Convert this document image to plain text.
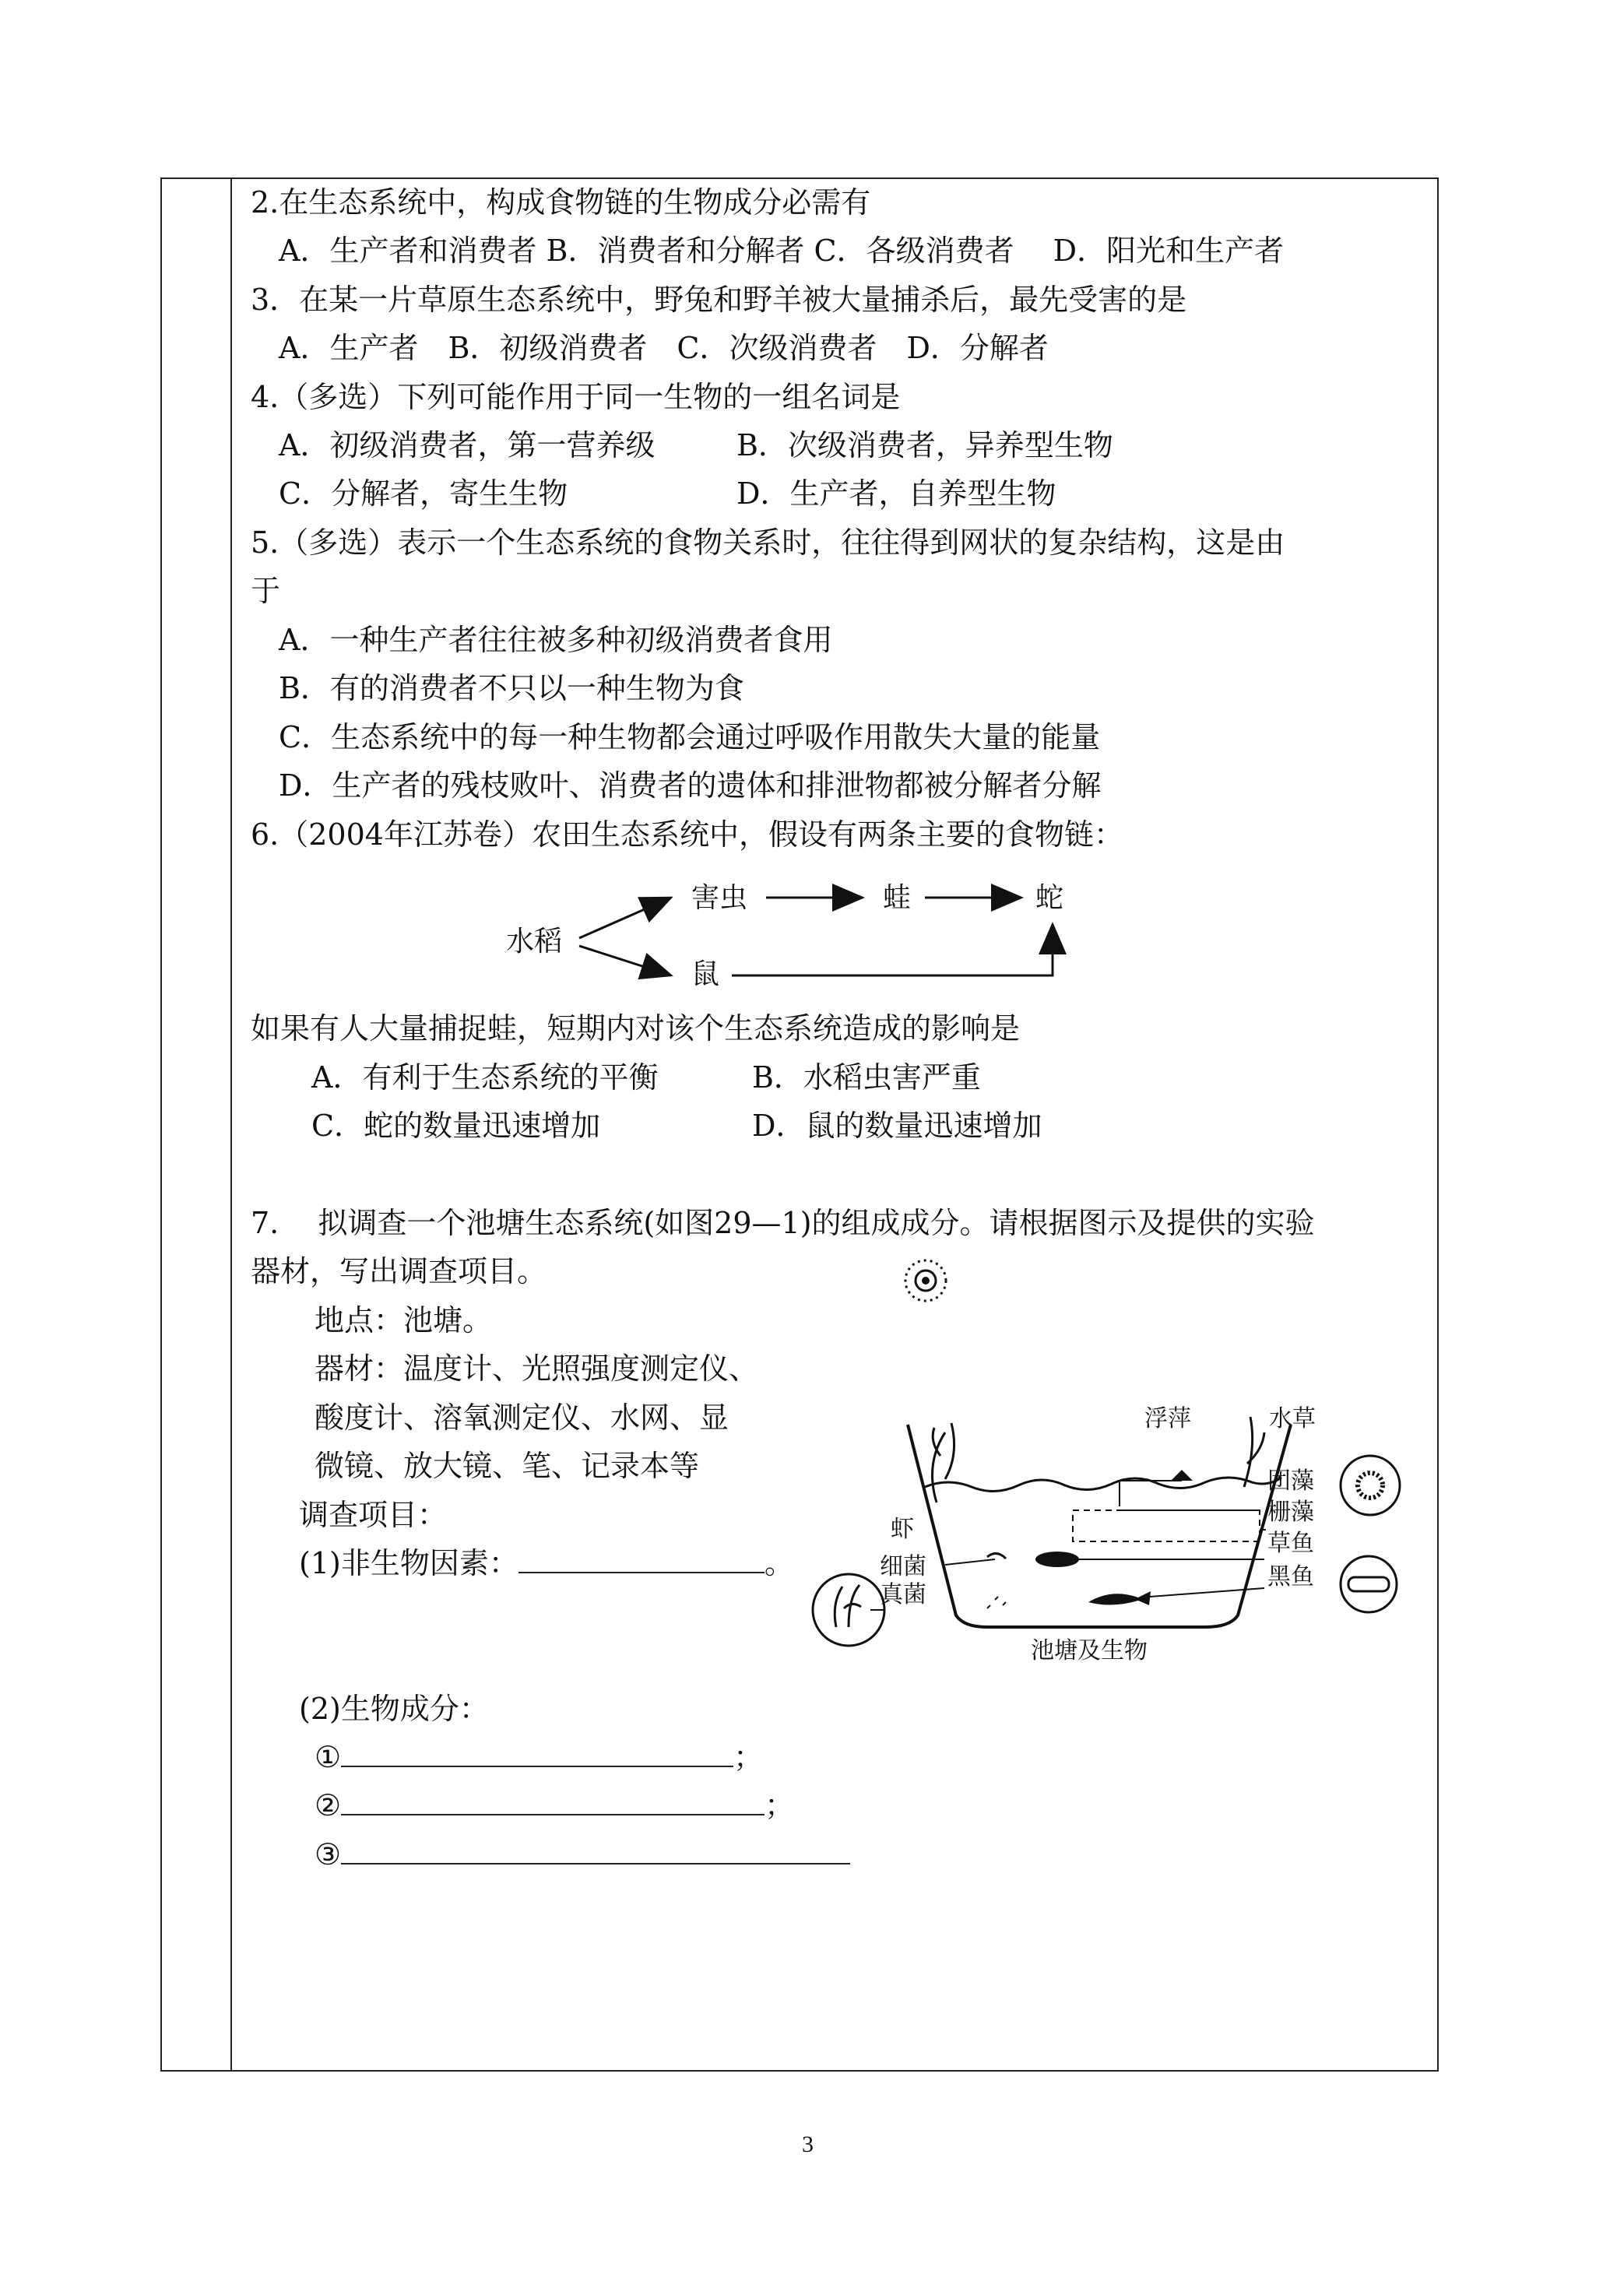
2.在生态系统中，构成食物链的生物成分必需有
A．生产者和消费者 B．消费者和分解者 C．各级消费者　 D．阳光和生产者
3．在某一片草原生态系统中，野兔和野羊被大量捕杀后，最先受害的是
A．生产者　B．初级消费者　C．次级消费者　D．分解者
4.（多选）下列可能作用于同一生物的一组名词是
A．初级消费者，第一营养级	B．次级消费者，异养型生物
C．分解者，寄生生物	D．生产者，自养型生物
5.（多选）表示一个生态系统的食物关系时，往往得到网状的复杂结构，这是由
于
A．一种生产者往往被多种初级消费者食用
B．有的消费者不只以一种生物为食
C．生态系统中的每一种生物都会通过呼吸作用散失大量的能量
D．生产者的残枝败叶、消费者的遗体和排泄物都被分解者分解
6.（2004年江苏卷）农田生态系统中，假设有两条主要的食物链：
水稻
害虫	蛙	蛇
鼠
如果有人大量捕捉蛙，短期内对该个生态系统造成的影响是
A．有利于生态系统的平衡	B．水稻虫害严重
C．蛇的数量迅速增加	D．鼠的数量迅速增加
7.　 拟调查一个池塘生态系统(如图29—1)的组成成分。请根据图示及提供的实验
器材，写出调查项目。
地点：池塘。
器材：温度计、光照强度测定仪、
酸度计、溶氧测定仪、水网、显
微镜、放大镜、笔、记录本等
调查项目：
(1)非生物因素：	。
浮萍	水草
团藻
栅藻
虾
草鱼
黑鱼
细菌
真菌
池塘及生物
(2)生物成分：
①	；
②	；
③
3
